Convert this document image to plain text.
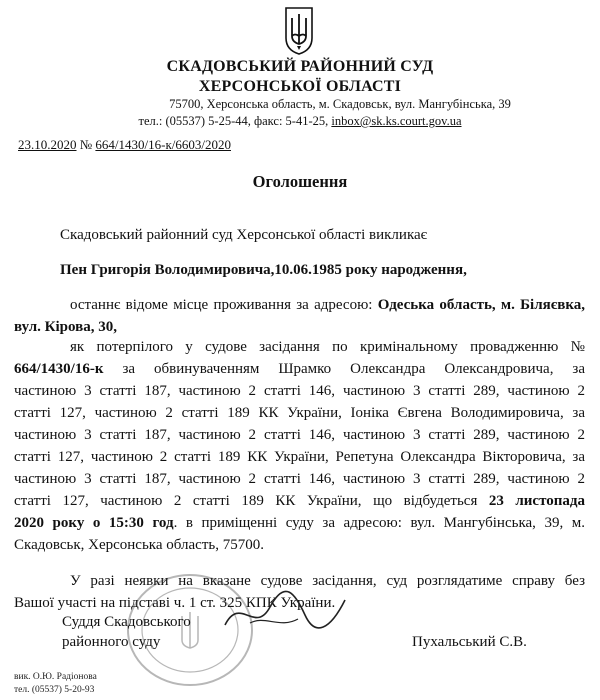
СКАДОВСЬКИЙ РАЙОННИЙ СУД
ХЕРСОНСЬКОЇ ОБЛАСТІ
75700, Херсонська область, м. Скадовськ, вул. Мангубінська, 39
тел.: (05537) 5-25-44, факс: 5-41-25, inbox@sk.ks.court.gov.ua
23.10.2020 № 664/1430/16-к/6603/2020
Оголошення
Скадовський районний суд Херсонської області викликає
Пен Григорія Володимировича,10.06.1985 року народження,
останнє відоме місце проживання за адресою: Одеська область, м. Біляєвка,
вул. Кірова, 30,
як потерпілого у судове засідання по кримінальному провадженню №
664/1430/16-к за обвинуваченням Шрамко Олександра Олександровича, за
частиною 3 статті 187, частиною 2 статті 146, частиною 3 статті 289, частиною 2
статті 127, частиною 2 статті 189 КК України, Іоніка Євгена Володимировича, за
частиною 3 статті 187, частиною 2 статті 146, частиною 3 статті 289, частиною 2
статті 127, частиною 2 статті 189 КК України, Репетуна Олександра Вікторовича, за
частиною 3 статті 187, частиною 2 статті 146, частиною 3 статті 289, частиною 2
статті 127, частиною 2 статті 189 КК України, що відбудеться 23 листопада
2020 року о 15:30 год. в приміщенні суду за адресою: вул. Мангубінська, 39, м.
Скадовськ, Херсонська область, 75700.
У разі неявки на вказане судове засідання, суд розглядатиме справу без
Вашої участі на підставі ч. 1 ст. 325 КПК України.
Суддя Скадовського
районного суду	Пухальський С.В.
вик. О.Ю. Радіонова
тел. (05537) 5-20-93
